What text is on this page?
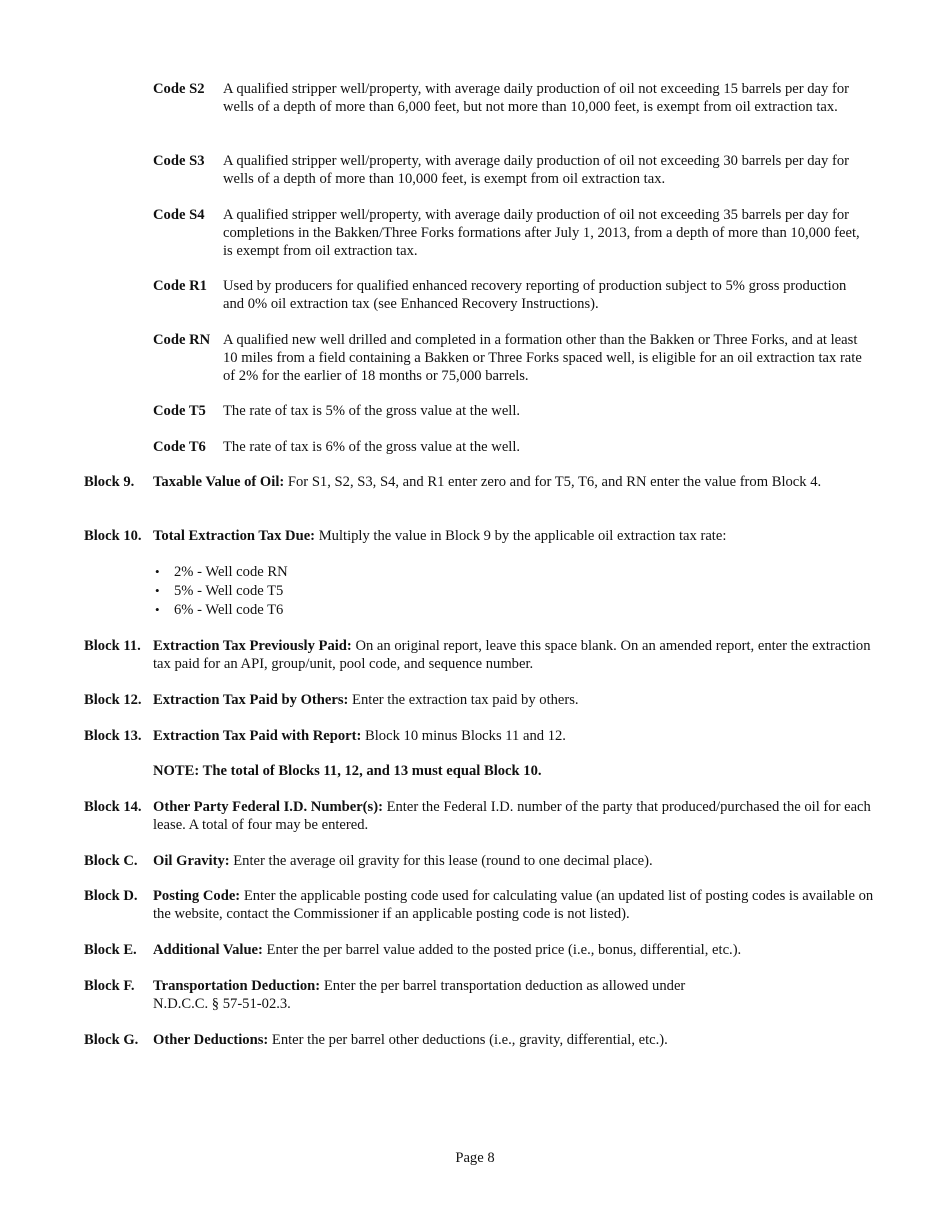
Code S2	A qualified stripper well/property, with average daily production of oil not exceeding 15 barrels per day for wells of a depth of more than 6,000 feet, but not more than 10,000 feet, is exempt from oil extraction tax.
Code S3	A qualified stripper well/property, with average daily production of oil not exceeding 30 barrels per day for wells of a depth of more than 10,000 feet, is exempt from oil extraction tax.
Code S4	A qualified stripper well/property, with average daily production of oil not exceeding 35 barrels per day for completions in the Bakken/Three Forks formations after July 1, 2013, from a depth of more than 10,000 feet, is exempt from oil extraction tax.
Code R1	Used by producers for qualified enhanced recovery reporting of production subject to 5% gross production and 0% oil extraction tax (see Enhanced Recovery Instructions).
Code RN A qualified new well drilled and completed in a formation other than the Bakken or Three Forks, and at least 10 miles from a field containing a Bakken or Three Forks spaced well, is eligible for an oil extraction tax rate of 2% for the earlier of 18 months or 75,000 barrels.
Code T5	The rate of tax is 5% of the gross value at the well.
Code T6	The rate of tax is 6% of the gross value at the well.
Block 9.	Taxable Value of Oil: For S1, S2, S3, S4, and R1 enter zero and for T5, T6, and RN enter the value from Block 4.
Block 10. Total Extraction Tax Due: Multiply the value in Block 9 by the applicable oil extraction tax rate:
• 2% - Well code RN
• 5% - Well code T5
• 6% - Well code T6
Block 11. Extraction Tax Previously Paid: On an original report, leave this space blank. On an amended report, enter the extraction tax paid for an API, group/unit, pool code, and sequence number.
Block 12. Extraction Tax Paid by Others: Enter the extraction tax paid by others.
Block 13. Extraction Tax Paid with Report: Block 10 minus Blocks 11 and 12.
NOTE: The total of Blocks 11, 12, and 13 must equal Block 10.
Block 14. Other Party Federal I.D. Number(s): Enter the Federal I.D. number of the party that produced/purchased the oil for each lease. A total of four may be entered.
Block C.	Oil Gravity: Enter the average oil gravity for this lease (round to one decimal place).
Block D.	Posting Code: Enter the applicable posting code used for calculating value (an updated list of posting codes is available on the website, contact the Commissioner if an applicable posting code is not listed).
Block E.	Additional Value: Enter the per barrel value added to the posted price (i.e., bonus, differential, etc.).
Block F.	Transportation Deduction: Enter the per barrel transportation deduction as allowed under
N.D.C.C. § 57-51-02.3.
Block G.	Other Deductions: Enter the per barrel other deductions (i.e., gravity, differential, etc.).
Page 8
